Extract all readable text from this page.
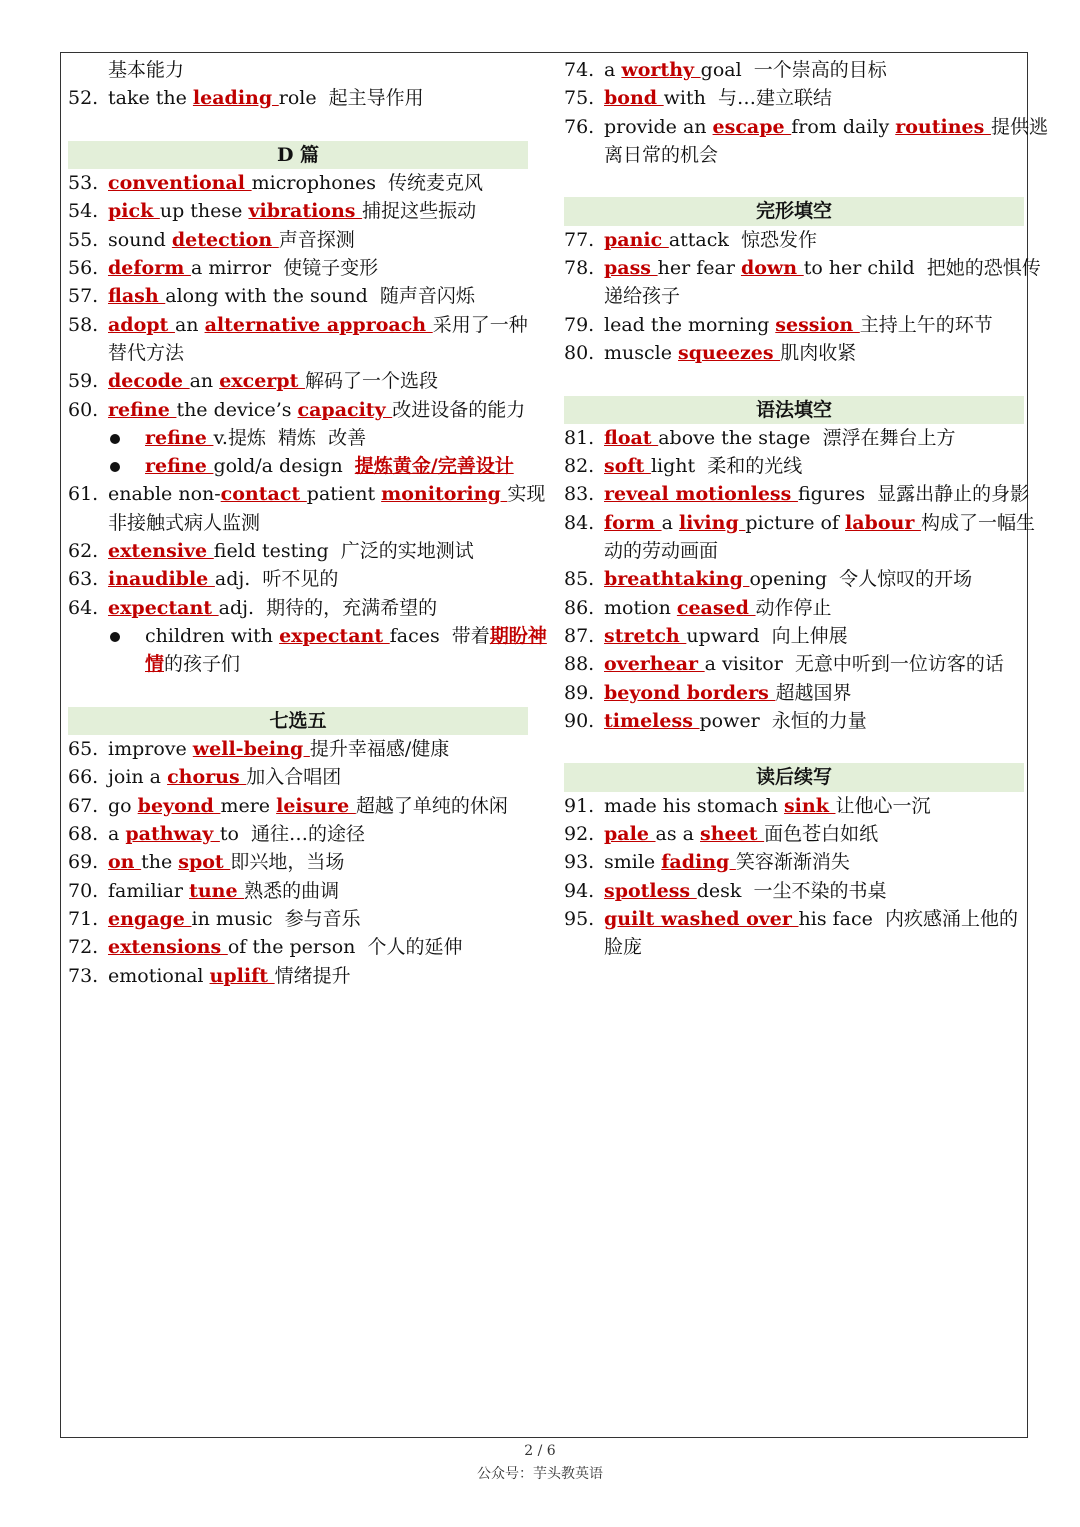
基本能力
52. take the leading role  起主导作用
D 篇
53. conventional microphones  传统麦克风
54. pick up these vibrations 捕捉这些振动
55. sound detection 声音探测
56. deform a mirror  使镜子变形
57. flash along with the sound  随声音闪烁
58. adopt an alternative approach 采用了一种
替代方法
59. decode an excerpt 解码了一个选段
60. refine the device’s capacity 改进设备的能力
refine v.提炼  精炼  改善
refine gold/a design  提炼黄金/完善设计
61. enable non-contact patient monitoring 实现
非接触式病人监测
62. extensive field testing  广泛的实地测试
63. inaudible adj.  听不见的
64. expectant adj.  期待的，充满希望的
children with expectant faces  带着期盼神
情的孩子们
七选五
65. improve well-being 提升幸福感/健康
66. join a chorus 加入合唱团
67. go beyond mere leisure 超越了单纯的休闲
68. a pathway to  通往…的途径
69. on the spot 即兴地，当场
70. familiar tune 熟悉的曲调
71. engage in music  参与音乐
72. extensions of the person  个人的延伸
73. emotional uplift 情绪提升
74. a worthy goal  一个崇高的目标
75. bond with  与…建立联结
76. provide an escape from daily routines 提供逃
离日常的机会
完形填空
77. panic attack  惊恐发作
78. pass her fear down to her child  把她的恐惧传
递给孩子
79. lead the morning session 主持上午的环节
80. muscle squeezes 肌肉收紧
语法填空
81. float above the stage  漂浮在舞台上方
82. soft light  柔和的光线
83. reveal motionless figures  显露出静止的身影
84. form a living picture of labour 构成了一幅生
动的劳动画面
85. breathtaking opening  令人惊叹的开场
86. motion ceased 动作停止
87. stretch upward  向上伸展
88. overhear a visitor  无意中听到一位访客的话
89. beyond borders 超越国界
90. timeless power  永恒的力量
读后续写
91. made his stomach sink 让他心一沉
92. pale as a sheet 面色苍白如纸
93. smile fading 笑容渐渐消失
94. spotless desk  一尘不染的书桌
95. guilt washed over his face  内疚感涌上他的
脸庞
2 / 6
公众号：芋头教英语
